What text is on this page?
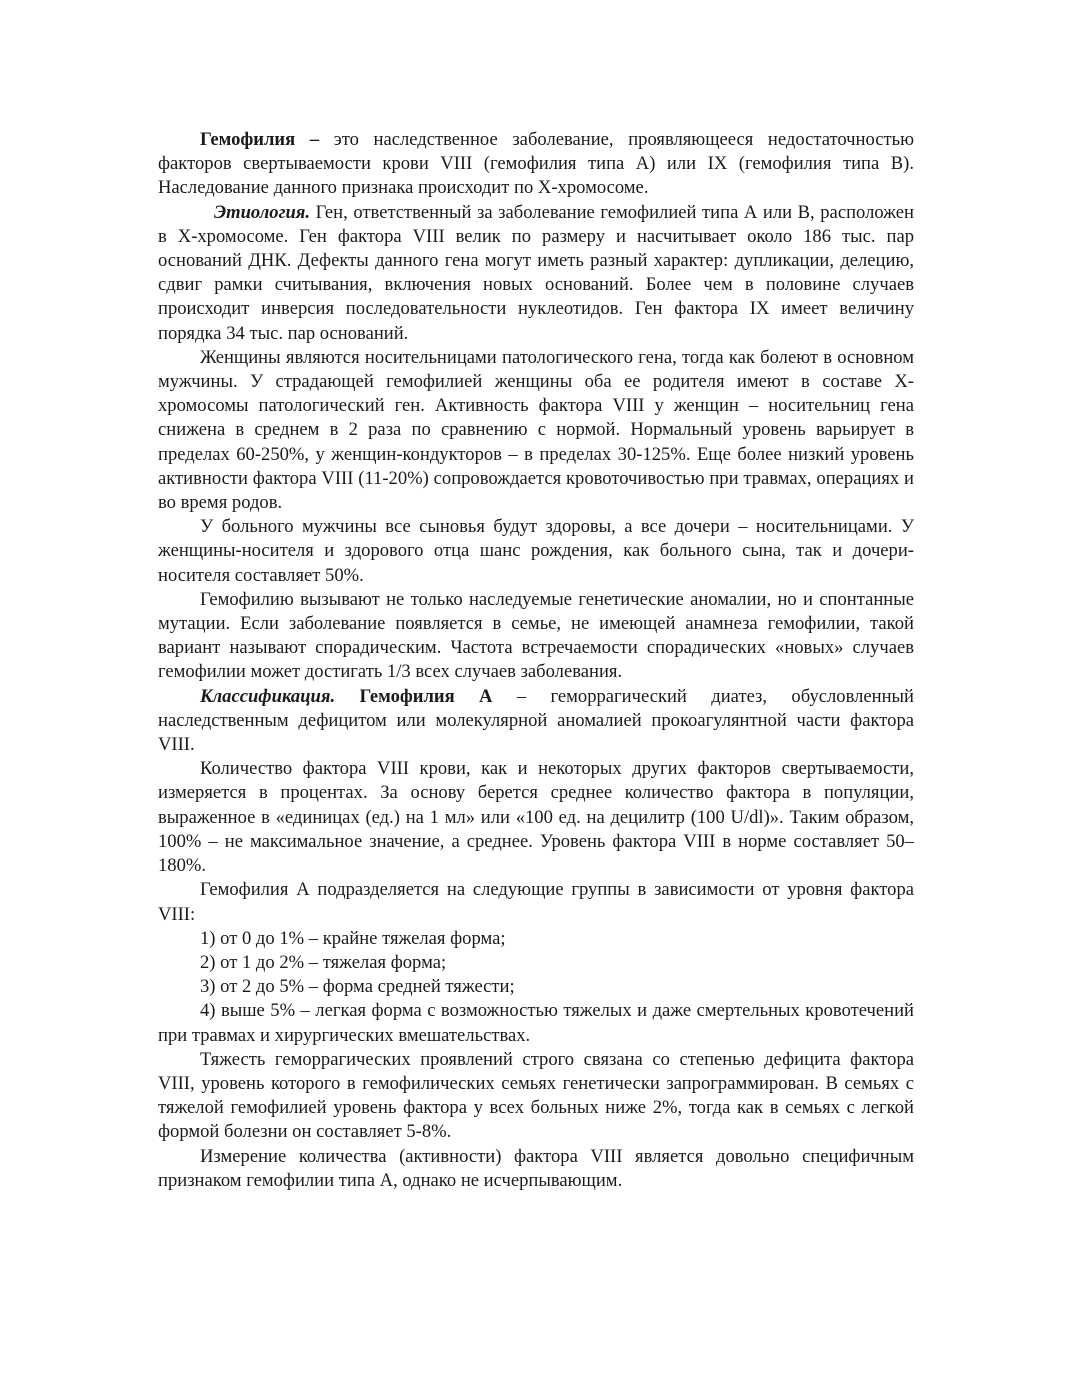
Гемофилия – это наследственное заболевание, проявляющееся недостаточностью факторов свертываемости крови VIII (гемофилия типа А) или IX (гемофилия типа В). Наследование данного признака происходит по Х-хромосоме.

Этиология. Ген, ответственный за заболевание гемофилией типа А или В, расположен в Х-хромосоме. Ген фактора VIII велик по размеру и насчитывает около 186 тыс. пар оснований ДНК. Дефекты данного гена могут иметь разный характер: дупликации, делецию, сдвиг рамки считывания, включения новых оснований. Более чем в половине случаев происходит инверсия последовательности нуклеотидов. Ген фактора IX имеет величину порядка 34 тыс. пар оснований.

Женщины являются носительницами патологического гена, тогда как болеют в основном мужчины. У страдающей гемофилией женщины оба ее родителя имеют в составе Х-хромосомы патологический ген. Активность фактора VIII у женщин – носительниц гена снижена в среднем в 2 раза по сравнению с нормой. Нормальный уровень варьирует в пределах 60-250%, у женщин-кондукторов – в пределах 30-125%. Еще более низкий уровень активности фактора VIII (11-20%) сопровождается кровоточивостью при травмах, операциях и во время родов.

У больного мужчины все сыновья будут здоровы, а все дочери – носительницами. У женщины-носителя и здорового отца шанс рождения, как больного сына, так и дочери-носителя составляет 50%.

Гемофилию вызывают не только наследуемые генетические аномалии, но и спонтанные мутации. Если заболевание появляется в семье, не имеющей анамнеза гемофилии, такой вариант называют спорадическим. Частота встречаемости спорадических «новых» случаев гемофилии может достигать 1/3 всех случаев заболевания.

Классификация. Гемофилия А – геморрагический диатез, обусловленный наследственным дефицитом или молекулярной аномалией прокоагулянтной части фактора VIII.

Количество фактора VIII крови, как и некоторых других факторов свертываемости, измеряется в процентах. За основу берется среднее количество фактора в популяции, выраженное в «единицах (ед.) на 1 мл» или «100 ед. на децилитр (100 U/dl)». Таким образом, 100% – не максимальное значение, а среднее. Уровень фактора VIII в норме составляет 50–180%.

Гемофилия А подразделяется на следующие группы в зависимости от уровня фактора VIII:

1) от 0 до 1% – крайне тяжелая форма;

2) от 1 до 2% – тяжелая форма;

3) от 2 до 5% – форма средней тяжести;

4) выше 5% – легкая форма с возможностью тяжелых и даже смертельных кровотечений при травмах и хирургических вмешательствах.

Тяжесть геморрагических проявлений строго связана со степенью дефицита фактора VIII, уровень которого в гемофилических семьях генетически запрограммирован. В семьях с тяжелой гемофилией уровень фактора у всех больных ниже 2%, тогда как в семьях с легкой формой болезни он составляет 5-8%.

Измерение количества (активности) фактора VIII является довольно специфичным признаком гемофилии типа А, однако не исчерпывающим.
